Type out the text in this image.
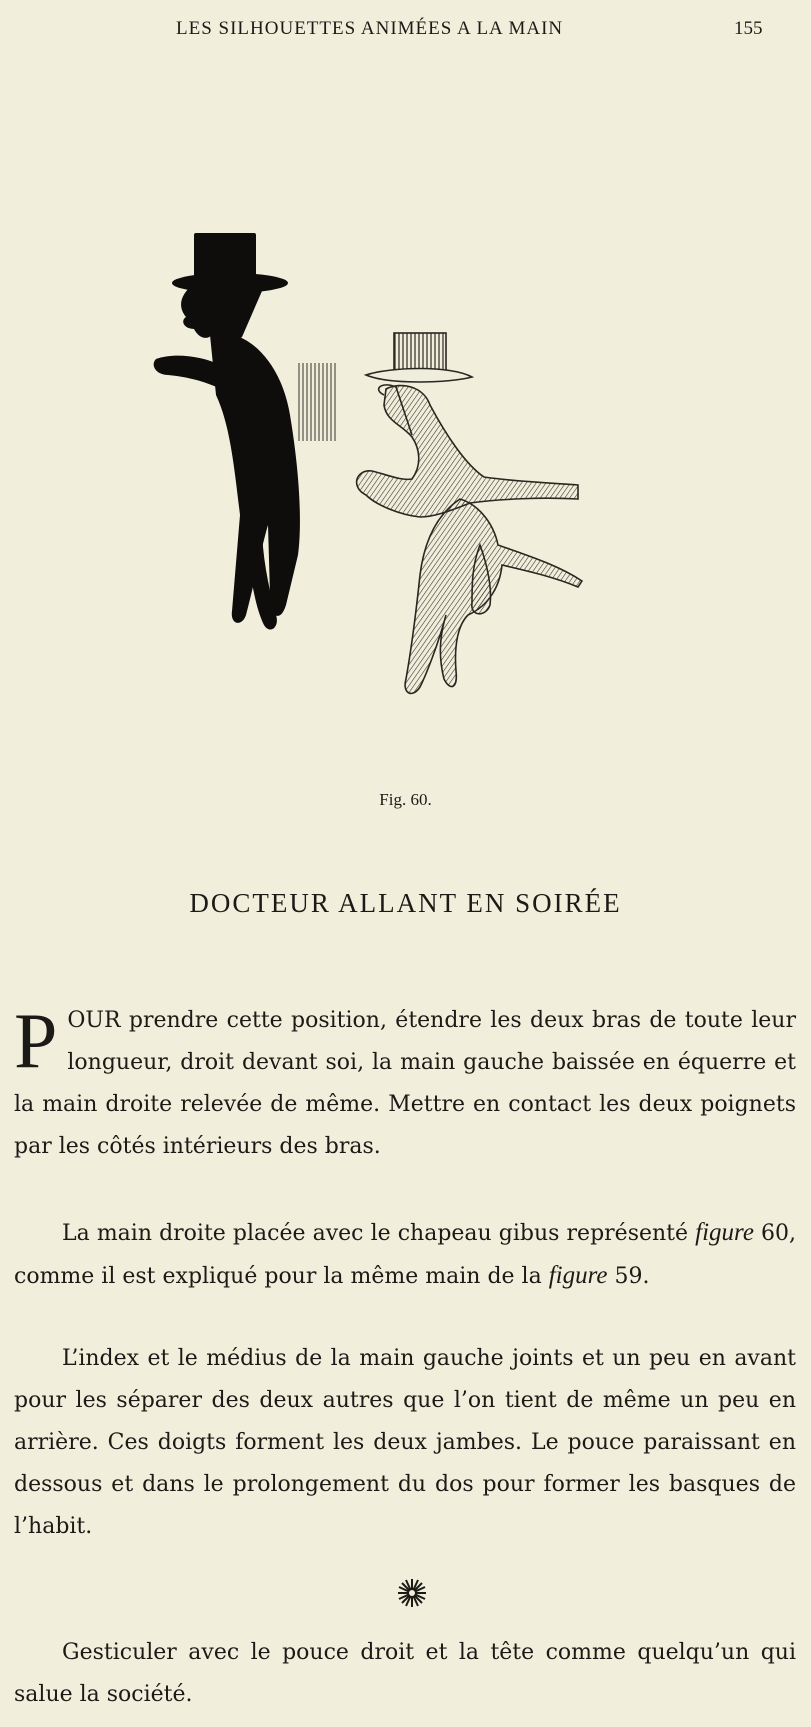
LES SILHOUETTES ANIMÉES A LA MAIN	155
Fig. 60.
DOCTEUR ALLANT EN SOIRÉE

POUR prendre cette position, étendre les deux bras de toute leur longueur, droit devant soi, la main gauche baissée en équerre et la main droite relevée de même. Mettre en contact les deux poignets par les côtés intérieurs des bras.

La main droite placée avec le chapeau gibus représenté figure 60, comme il est expliqué pour la même main de la figure 59.

L’index et le médius de la main gauche joints et un peu en avant pour les séparer des deux autres que l’on tient de même un peu en arrière. Ces doigts forment les deux jambes. Le pouce paraissant en dessous et dans le prolongement du dos pour former les basques de l’habit.

Gesticuler avec le pouce droit et la tête comme quelqu’un qui salue la société.
